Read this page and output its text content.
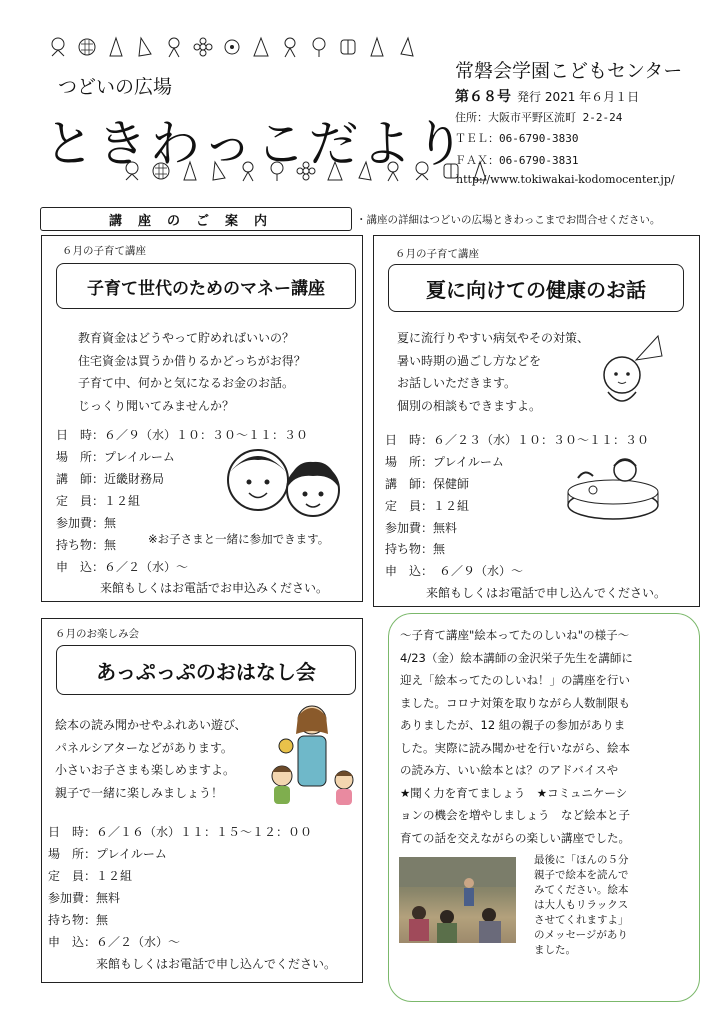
つどいの広場
ときわっこだより
常磐会学園こどもセンター
第６８号 発行 2021 年６月１日
住所：大阪市平野区流町 2-2-24
ＴＥＬ：06-6790-3830
ＦＡＸ：06-6790-3831
http://www.tokiwakai-kodomocenter.jp/
講座のご案内	・講座の詳細はつどいの広場ときわっこまでお問合せください。
６月の子育て講座
子育て世代のためのマネー講座
教育資金はどうやって貯めればいいの？
住宅資金は買うか借りるかどっちがお得？
子育て中、何かと気になるお金のお話。
じっくり聞いてみませんか？
日　時：６／９（水）１０：３０～１１：３０
場　所：プレイルーム
講　師：近畿財務局
定　員：１２組
参加費：無
持ち物：無	※お子さまと一緒に参加できます。
申　込：６／２（水）～
来館もしくはお電話でお申込みください。
６月の子育て講座
夏に向けての健康のお話
夏に流行りやすい病気やその対策、
暑い時期の過ごし方などを
お話しいただきます。
個別の相談もできますよ。
日　時：６／２３（水）１０：３０～１１：３０
場　所：プレイルーム
講　師：保健師
定　員：１２組
参加費：無料
持ち物：無
申　込：　６／９（水）～
来館もしくはお電話で申し込んでください。
６月のお楽しみ会
あっぷっぷのおはなし会
絵本の読み聞かせやふれあい遊び、
パネルシアターなどがあります。
小さいお子さまも楽しめますよ。
親子で一緒に楽しみましょう！
日　時：６／１６（水）１１：１５～１２：００
場　所：プレイルーム
定　員：１２組
参加費：無料
持ち物：無
申　込：６／２（水）～
来館もしくはお電話で申し込んでください。
～子育て講座"絵本ってたのしいね"の様子～
4/23（金）絵本講師の金沢栄子先生を講師に
迎え「絵本ってたのしいね！」の講座を行い
ました。コロナ対策を取りながら人数制限も
ありましたが、12 組の親子の参加がありま
した。実際に読み聞かせを行いながら、絵本
の読み方、いい絵本とは？のアドバイスや
★聞く力を育てましょう　★コミュニケーシ
ョンの機会を増やしましょう　など絵本と子
育ての話を交えながらの楽しい講座でした。
最後に「ほんの５分
親子で絵本を読んで
みてください。絵本
は大人もリラックス
させてくれますよ」
のメッセージがあり
ました。
